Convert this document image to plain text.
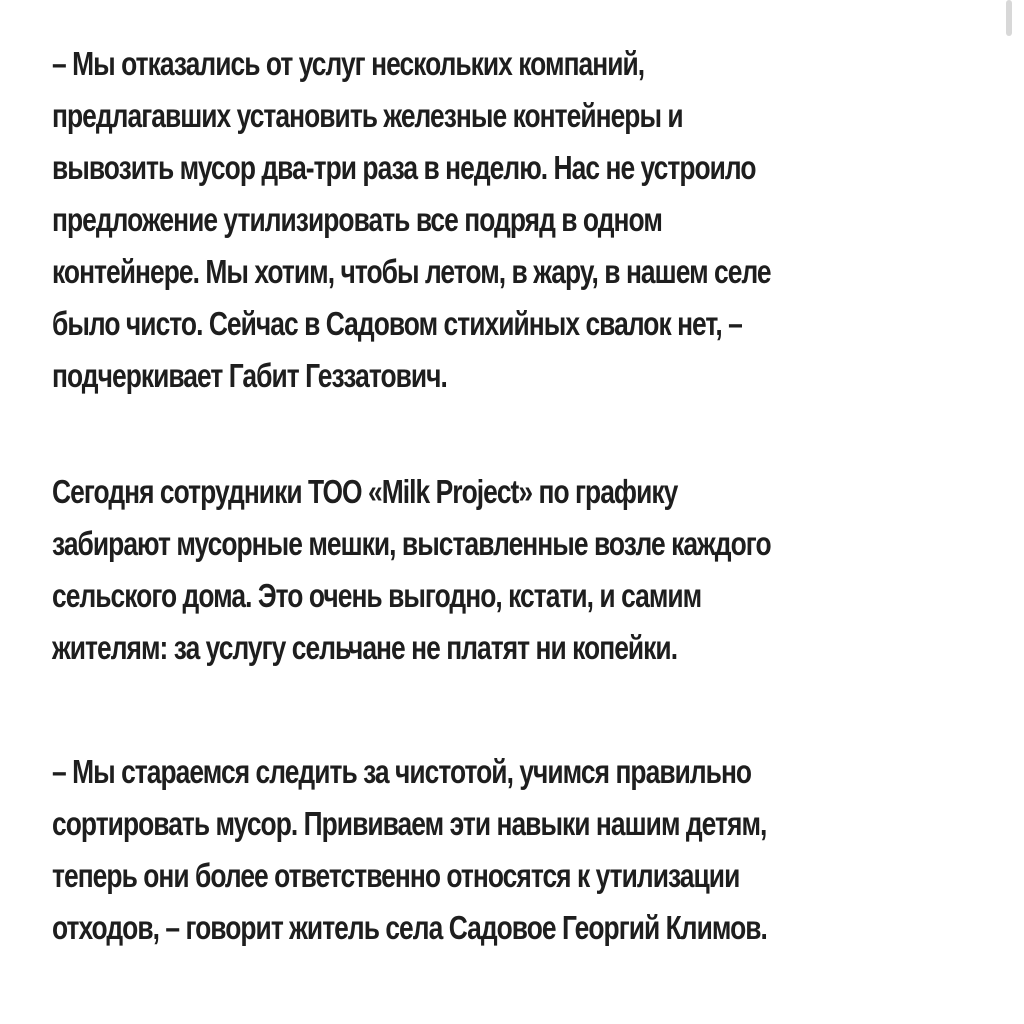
– Мы отказались от услуг нескольких компаний,
предлагавших установить железные контейнеры и
вывозить мусор два-три раза в неделю. Нас не устроило
предложение утилизировать все подряд в одном
контейнере. Мы хотим, чтобы летом, в жару, в нашем селе
было чисто. Сейчас в Садовом стихийных свалок нет, –
подчеркивает Габит Геззатович.

Сегодня сотрудники ТОО «Milk Project» по графику
забирают мусорные мешки, выставленные возле каждого
сельского дома. Это очень выгодно, кстати, и самим
жителям: за услугу сельчане не платят ни копейки.

– Мы стараемся следить за чистотой, учимся правильно
сортировать мусор. Прививаем эти навыки нашим детям,
теперь они более ответственно относятся к утилизации
отходов, – говорит житель села Садовое Георгий Климов.
